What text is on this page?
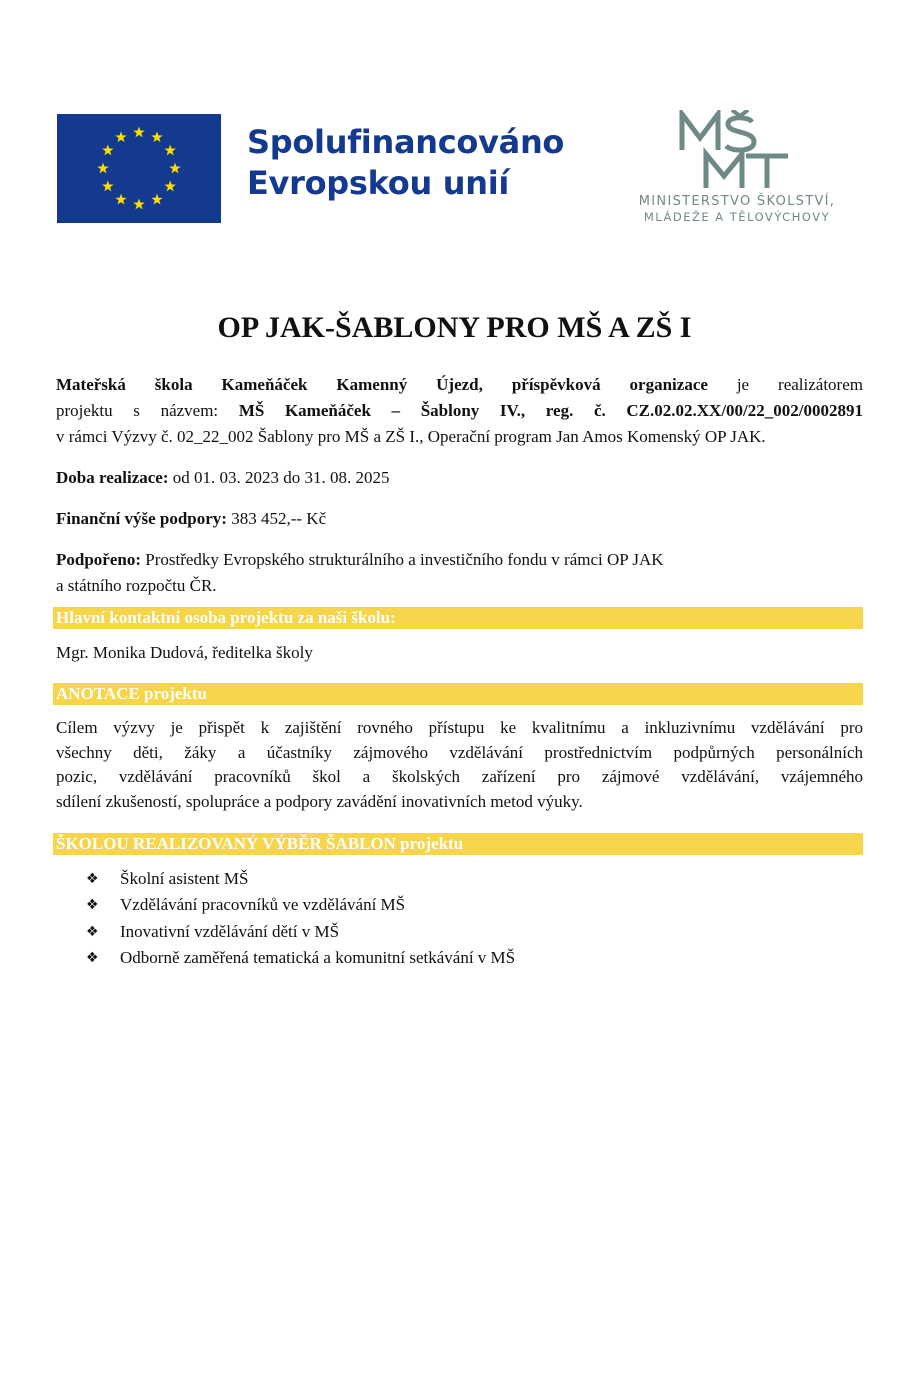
Spolufinancováno
Evropskou unií	MINISTERSTVO ŠKOLSTVÍ,
MLÁDEŽE A TĚLOVÝCHOVY
OP JAK-ŠABLONY PRO MŠ A ZŠ I
Mateřská škola Kameňáček Kamenný Újezd, příspěvková organizace je realizátorem
projektu s názvem: MŠ Kameňáček – Šablony IV., reg. č. CZ.02.02.XX/00/22_002/0002891
v rámci Výzvy č. 02_22_002 Šablony pro MŠ a ZŠ I., Operační program Jan Amos Komenský OP JAK.
Doba realizace: od 01. 03. 2023 do 31. 08. 2025
Finanční výše podpory: 383 452,-- Kč
Podpořeno: Prostředky Evropského strukturálního a investičního fondu v rámci OP JAK
a státního rozpočtu ČR.
Hlavní kontaktní osoba projektu za naši školu:
Mgr. Monika Dudová, ředitelka školy
ANOTACE projektu
Cílem výzvy je přispět k zajištění rovného přístupu ke kvalitnímu a inkluzivnímu vzdělávání pro
všechny děti, žáky a účastníky zájmového vzdělávání prostřednictvím podpůrných personálních
pozic, vzdělávání pracovníků škol a školských zařízení pro zájmové vzdělávání, vzájemného
sdílení zkušeností, spolupráce a podpory zavádění inovativních metod výuky.
ŠKOLOU REALIZOVANÝ VÝBĚR ŠABLON projektu
❖	Školní asistent MŠ
❖	Vzdělávání pracovníků ve vzdělávání MŠ
❖	Inovativní vzdělávání dětí v MŠ
❖	Odborně zaměřená tematická a komunitní setkávání v MŠ
